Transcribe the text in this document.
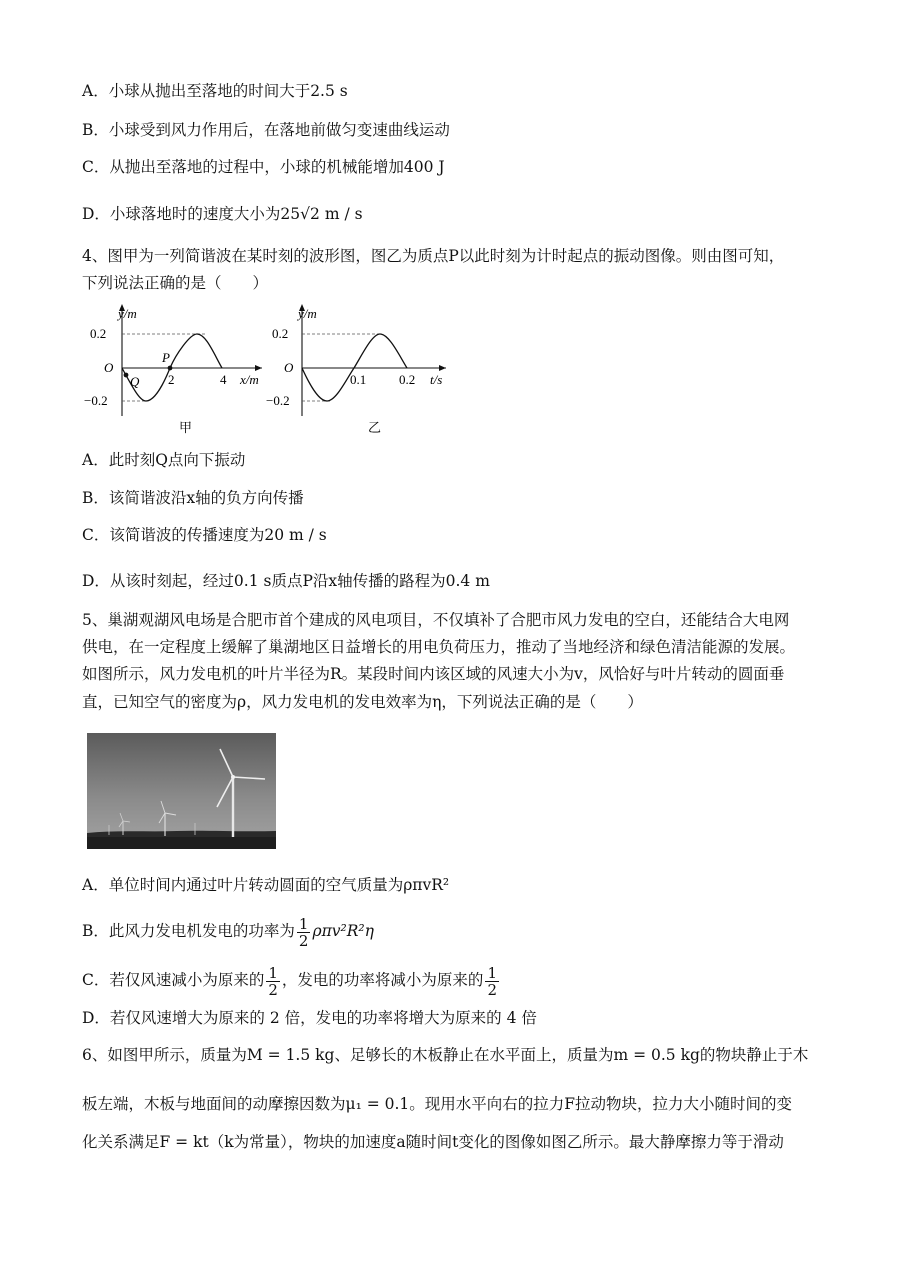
A．小球从抛出至落地的时间大于2.5 s
B．小球受到风力作用后，在落地前做匀变速曲线运动
C．从抛出至落地的过程中，小球的机械能增加400 J
D．小球落地时的速度大小为25√2 m / s
4、图甲为一列简谐波在某时刻的波形图，图乙为质点P以此时刻为计时起点的振动图像。则由图可知，
下列说法正确的是（　　）
y/m
0.2
−0.2
O
2	4 x/m
P
Q
甲
y/m
0.2
−0.2
O
0.1	0.2 t/s
乙
A．此时刻Q点向下振动
B．该简谐波沿x轴的负方向传播
C．该简谐波的传播速度为20 m / s
D．从该时刻起，经过0.1 s质点P沿x轴传播的路程为0.4 m
5、巢湖观湖风电场是合肥市首个建成的风电项目，不仅填补了合肥市风力发电的空白，还能结合大电网
供电，在一定程度上缓解了巢湖地区日益增长的用电负荷压力，推动了当地经济和绿色清洁能源的发展。
如图所示，风力发电机的叶片半径为R。某段时间内该区域的风速大小为v，风恰好与叶片转动的圆面垂
直，已知空气的密度为ρ，风力发电机的发电效率为η，下列说法正确的是（　　）
A．单位时间内通过叶片转动圆面的空气质量为ρπvR²
B．此风力发电机发电的功率为 $\frac{1}{2} \rho\pi v^2R^2\eta$
C．若仅风速减小为原来的 $\frac{1}{2}$ ，发电的功率将减小为原来的 $\frac{1}{2}$
D．若仅风速增大为原来的 2 倍，发电的功率将增大为原来的 4 倍
6、如图甲所示，质量为M = 1.5 kg、足够长的木板静止在水平面上，质量为m = 0.5 kg的物块静止于木
板左端，木板与地面间的动摩擦因数为μ₁ = 0.1。现用水平向右的拉力F拉动物块，拉力大小随时间的变
化关系满足F = kt（k为常量），物块的加速度a随时间t变化的图像如图乙所示。最大静摩擦力等于滑动
